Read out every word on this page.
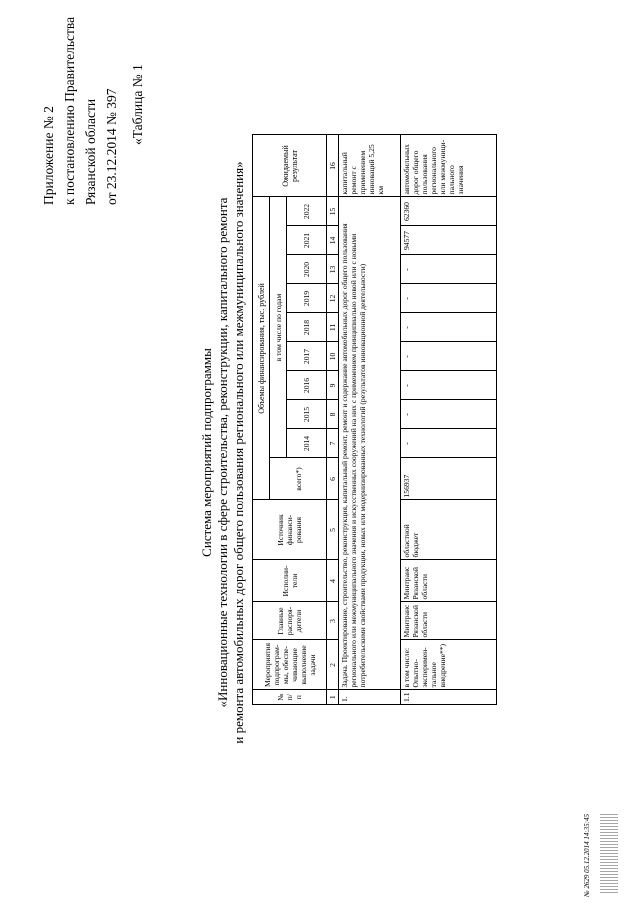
Приложение № 2 к постановлению Правительства Рязанской области от 23.12.2014 № 397 «Таблица № 1
Система мероприятий подпрограммы «Инновационные технологии в сфере строительства, реконструкции, капитального ремонта и ремонта автомобильных дорог общего пользования регионального или межмуниципального значения»	№ п/п	Мероприятия подпрограм-мы, обеспе-чивающие выполнение задачи	Главные распоря-дители	Исполни-тели	Источник финанси-рования	Объемы финансирования, тыс. рублей										Ожидаемый результат
					всего*)	в том числе по годам									
						2014	2015	2016	2017	2018	2019	2020	2021	2022	
1	2	3	4	5	6	7	8	9	10	11	12	13	14	15	16
1.	Задача. Проектирование, строительство, реконструкция, капитальный ремонт, ремонт и содержание автомобильных дорог общего пользования регионального или межмуниципального значения и искусственных сооружений на них с применением принципиально новой или с новыми потребительскими свойствами продукции, новых или модернизированных технологий (результатов инновационной деятельности)														капитальный ремонт с применением инноваций 5,25 км
1.1	в том числе: Опытно-эксперимен-тальное внедрение**)	Минтранс Рязанской области	Минтранс Рязанской области	областной бюджет	156937	-	-	-	-	-	-	-	94577	62360	автомобильных дорог общего пользования регионального или межмуници-пального значения
№ 2629 05.12.2014 14:35:45
